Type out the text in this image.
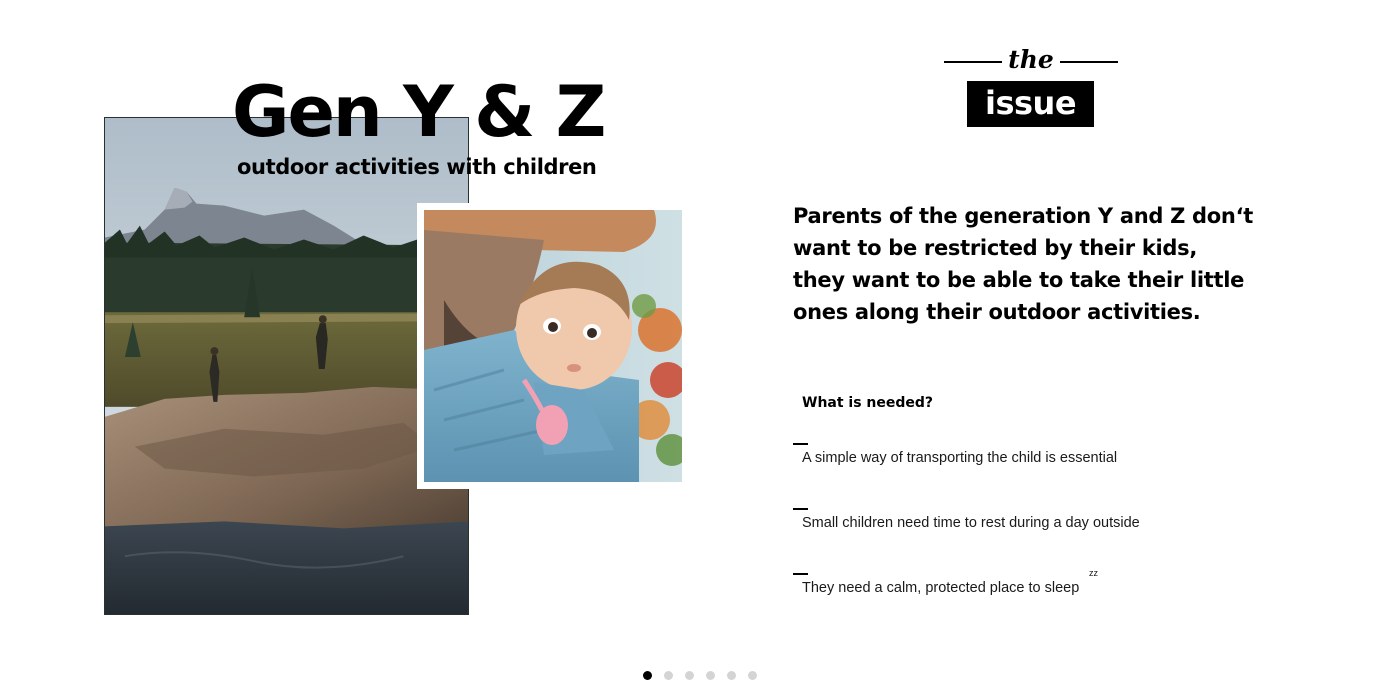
Gen Y & Z
outdoor activities with children
the
issue
Parents of the generation Y and Z don‘t
want to be restricted by their kids,
they want to be able to take their little
ones along their outdoor activities.
What is needed?
A simple way of transporting the child is essential
Small children need time to rest during a day outside
They need a calm, protected place to sleep
zz
